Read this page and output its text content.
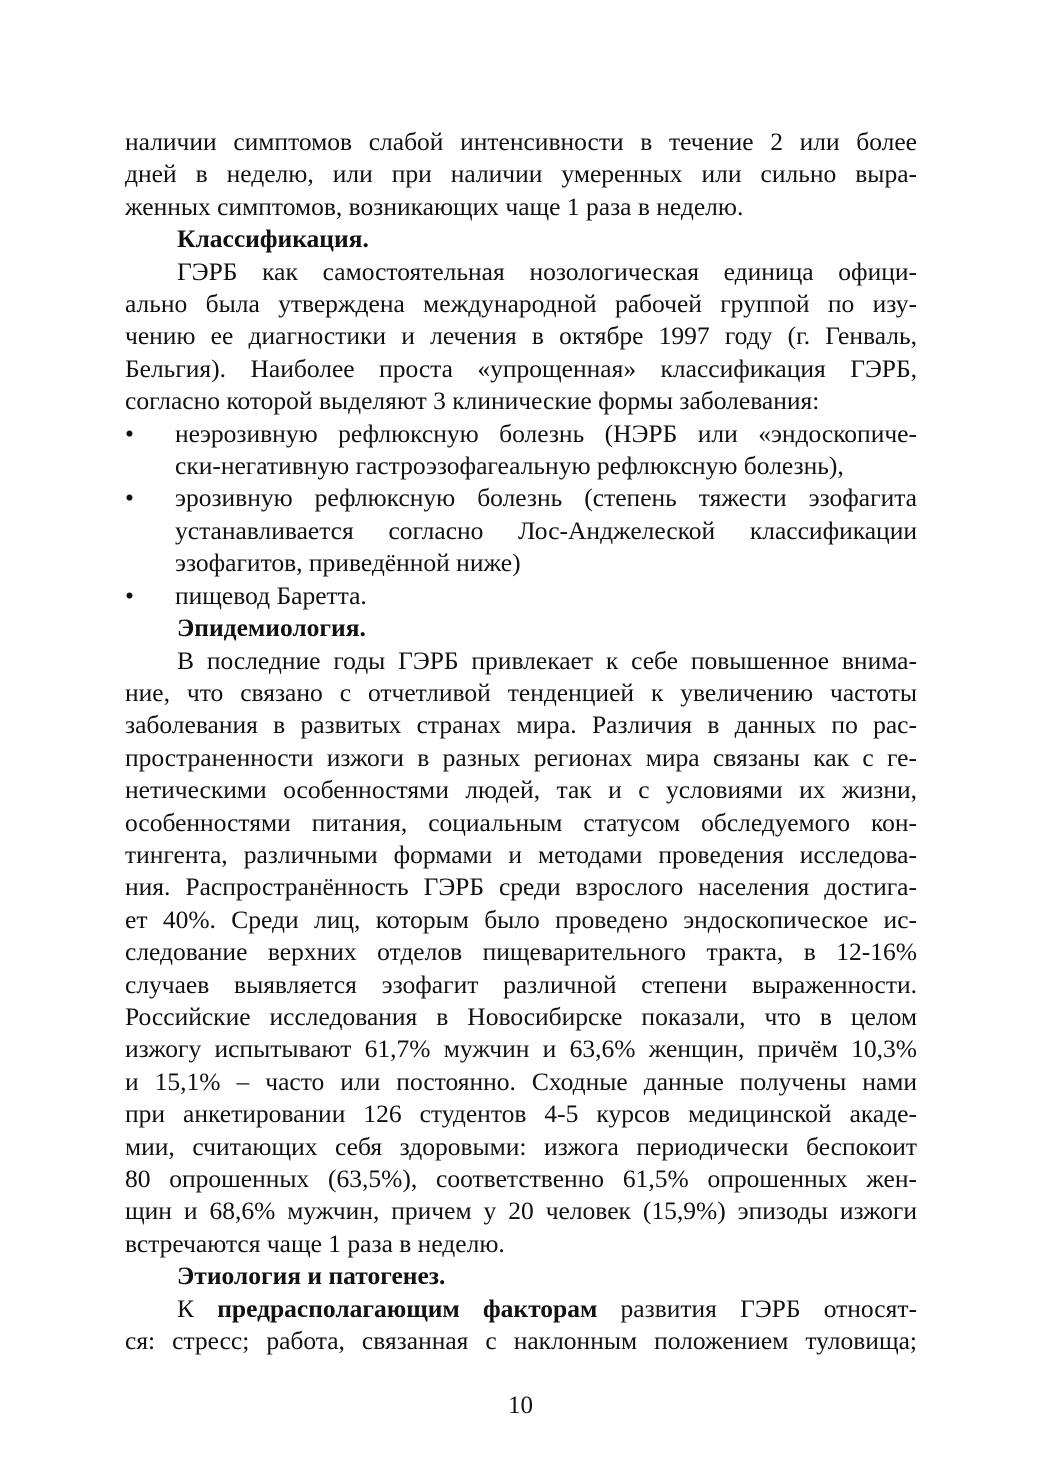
наличии симптомов слабой интенсивности в течение 2 или более
дней в неделю, или при наличии умеренных или сильно выра-
женных симптомов, возникающих чаще 1 раза в неделю.
Классификация.
ГЭРБ как самостоятельная нозологическая единица офици-
ально была утверждена международной рабочей группой по изу-
чению ее диагностики и лечения в октябре 1997 году (г. Генваль,
Бельгия). Наиболее проста «упрощенная» классификация ГЭРБ,
согласно которой выделяют 3 клинические формы заболевания:
• неэрозивную рефлюксную болезнь (НЭРБ или «эндоскопиче-
ски-негативную гастроэзофагеальную рефлюксную болезнь),
• эрозивную рефлюксную болезнь (степень тяжести эзофагита
устанавливается согласно Лос-Анджелеской классификации
эзофагитов, приведённой ниже)
• пищевод Баретта.
Эпидемиология.
В последние годы ГЭРБ привлекает к себе повышенное внима-
ние, что связано с отчетливой тенденцией к увеличению частоты
заболевания в развитых странах мира. Различия в данных по рас-
пространенности изжоги в разных регионах мира связаны как с ге-
нетическими особенностями людей, так и с условиями их жизни,
особенностями питания, социальным статусом обследуемого кон-
тингента, различными формами и методами проведения исследова-
ния. Распространённость ГЭРБ среди взрослого населения достига-
ет 40%. Среди лиц, которым было проведено эндоскопическое ис-
следование верхних отделов пищеварительного тракта, в 12-16%
случаев выявляется эзофагит различной степени выраженности.
Российские исследования в Новосибирске показали, что в целом
изжогу испытывают 61,7% мужчин и 63,6% женщин, причём 10,3%
и 15,1% – часто или постоянно. Сходные данные получены нами
при анкетировании 126 студентов 4-5 курсов медицинской акаде-
мии, считающих себя здоровыми: изжога периодически беспокоит
80 опрошенных (63,5%), соответственно 61,5% опрошенных жен-
щин и 68,6% мужчин, причем у 20 человек (15,9%) эпизоды изжоги
встречаются чаще 1 раза в неделю.
Этиология и патогенез.
К предрасполагающим факторам развития ГЭРБ относят-
ся: стресс; работа, связанная с наклонным положением туловища;
10
